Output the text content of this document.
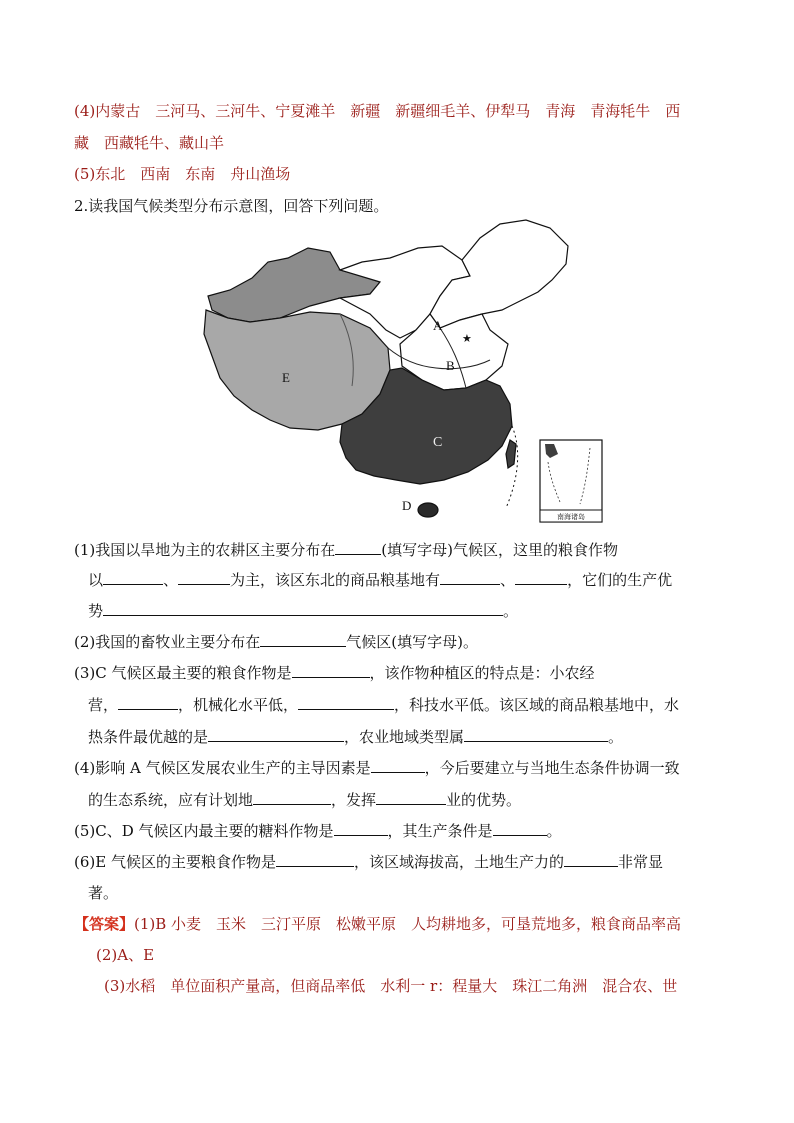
(4)内蒙古　三河马、三河牛、宁夏滩羊　新疆　新疆细毛羊、伊犁马　青海　青海牦牛　西
藏　西藏牦牛、藏山羊
(5)东北　西南　东南　舟山渔场
2.读我国气候类型分布示意图，回答下列问题。
★
A
B
C
D
E
南海诸岛
(1)我国以旱地为主的农耕区主要分布在	(填写字母)气候区，这里的粮食作物
以	、	为主，该区东北的商品粮基地有	、	，它们的生产优
势	。
(2)我国的畜牧业主要分布在	气候区(填写字母)。
(3)C 气候区最主要的粮食作物是	，该作物种植区的特点是：小农经
营，	，机械化水平低，	，科技水平低。该区域的商品粮基地中，水
热条件最优越的是	，农业地域类型属	。
(4)影响 A 气候区发展农业生产的主导因素是	，今后要建立与当地生态条件协调一致
的生态系统，应有计划地	，发挥	业的优势。
(5)C、D 气候区内最主要的糖料作物是	，其生产条件是	。
(6)E 气候区的主要粮食作物是	，该区域海拔高，土地生产力的	非常显
著。
【答案】(1)B 小麦　玉米　三汀平原　松嫩平原　人均耕地多，可垦荒地多，粮食商品率高
(2)A、E
(3)水稻　单位面积产量高，但商品率低　水利一 r：程量大　珠江二角洲　混合农、世
